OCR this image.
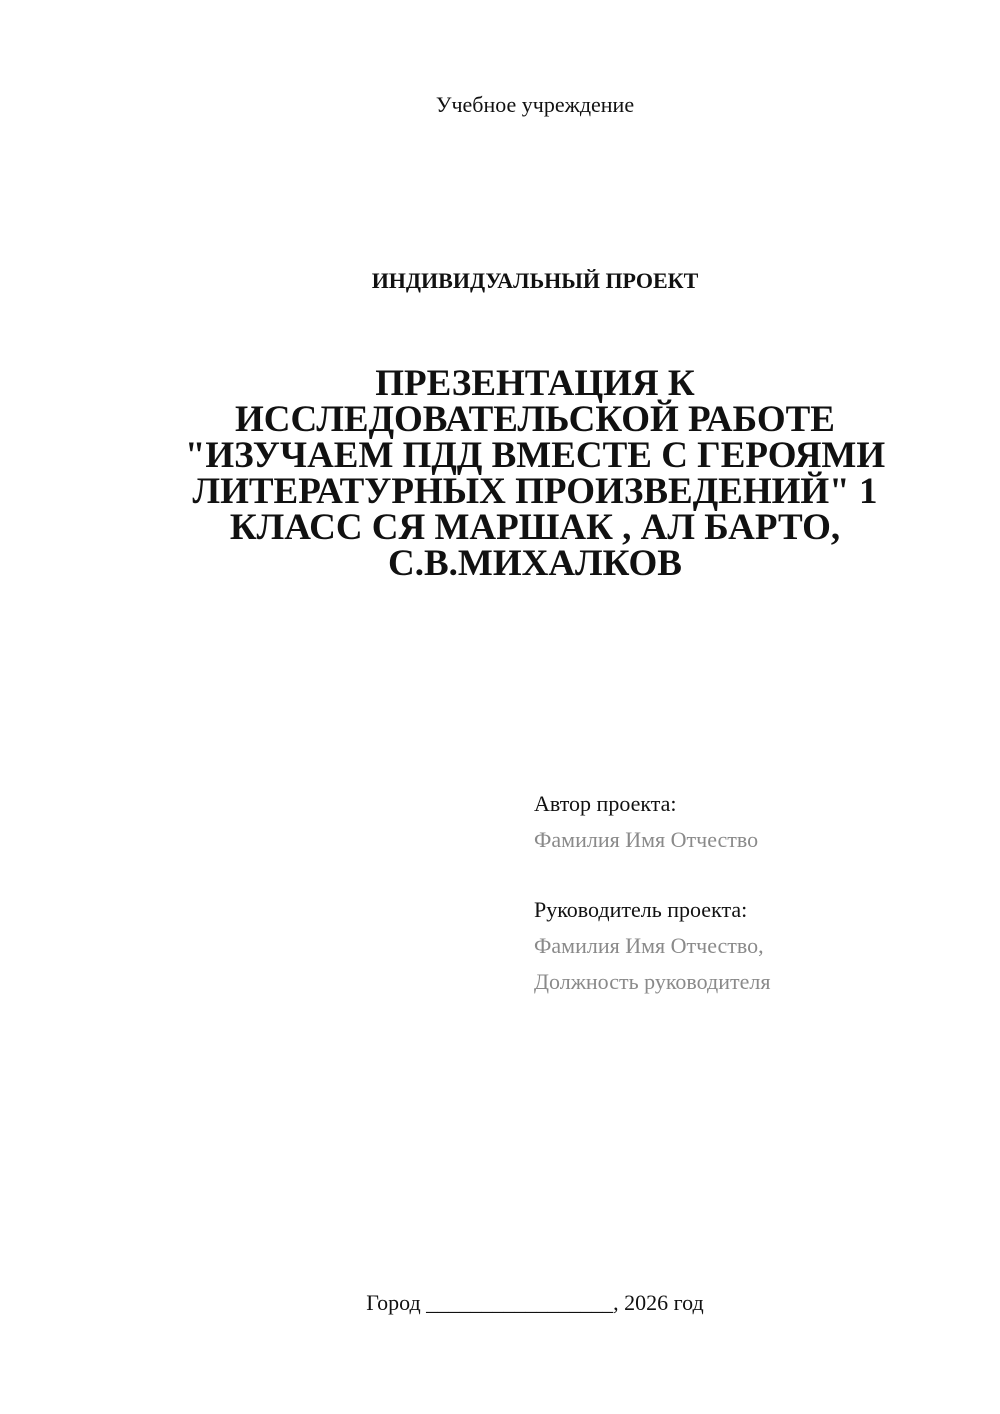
Учебное учреждение
ИНДИВИДУАЛЬНЫЙ ПРОЕКТ
ПРЕЗЕНТАЦИЯ К
ИССЛЕДОВАТЕЛЬСКОЙ РАБОТЕ
"ИЗУЧАЕМ ПДД ВМЕСТЕ С ГЕРОЯМИ
ЛИТЕРАТУРНЫХ ПРОИЗВЕДЕНИЙ" 1
КЛАСС СЯ МАРШАК , АЛ БАРТО,
С.В.МИХАЛКОВ
Автор проекта:
Фамилия Имя Отчество
Руководитель проекта:
Фамилия Имя Отчество,
Должность руководителя
Город _________________, 2026 год
